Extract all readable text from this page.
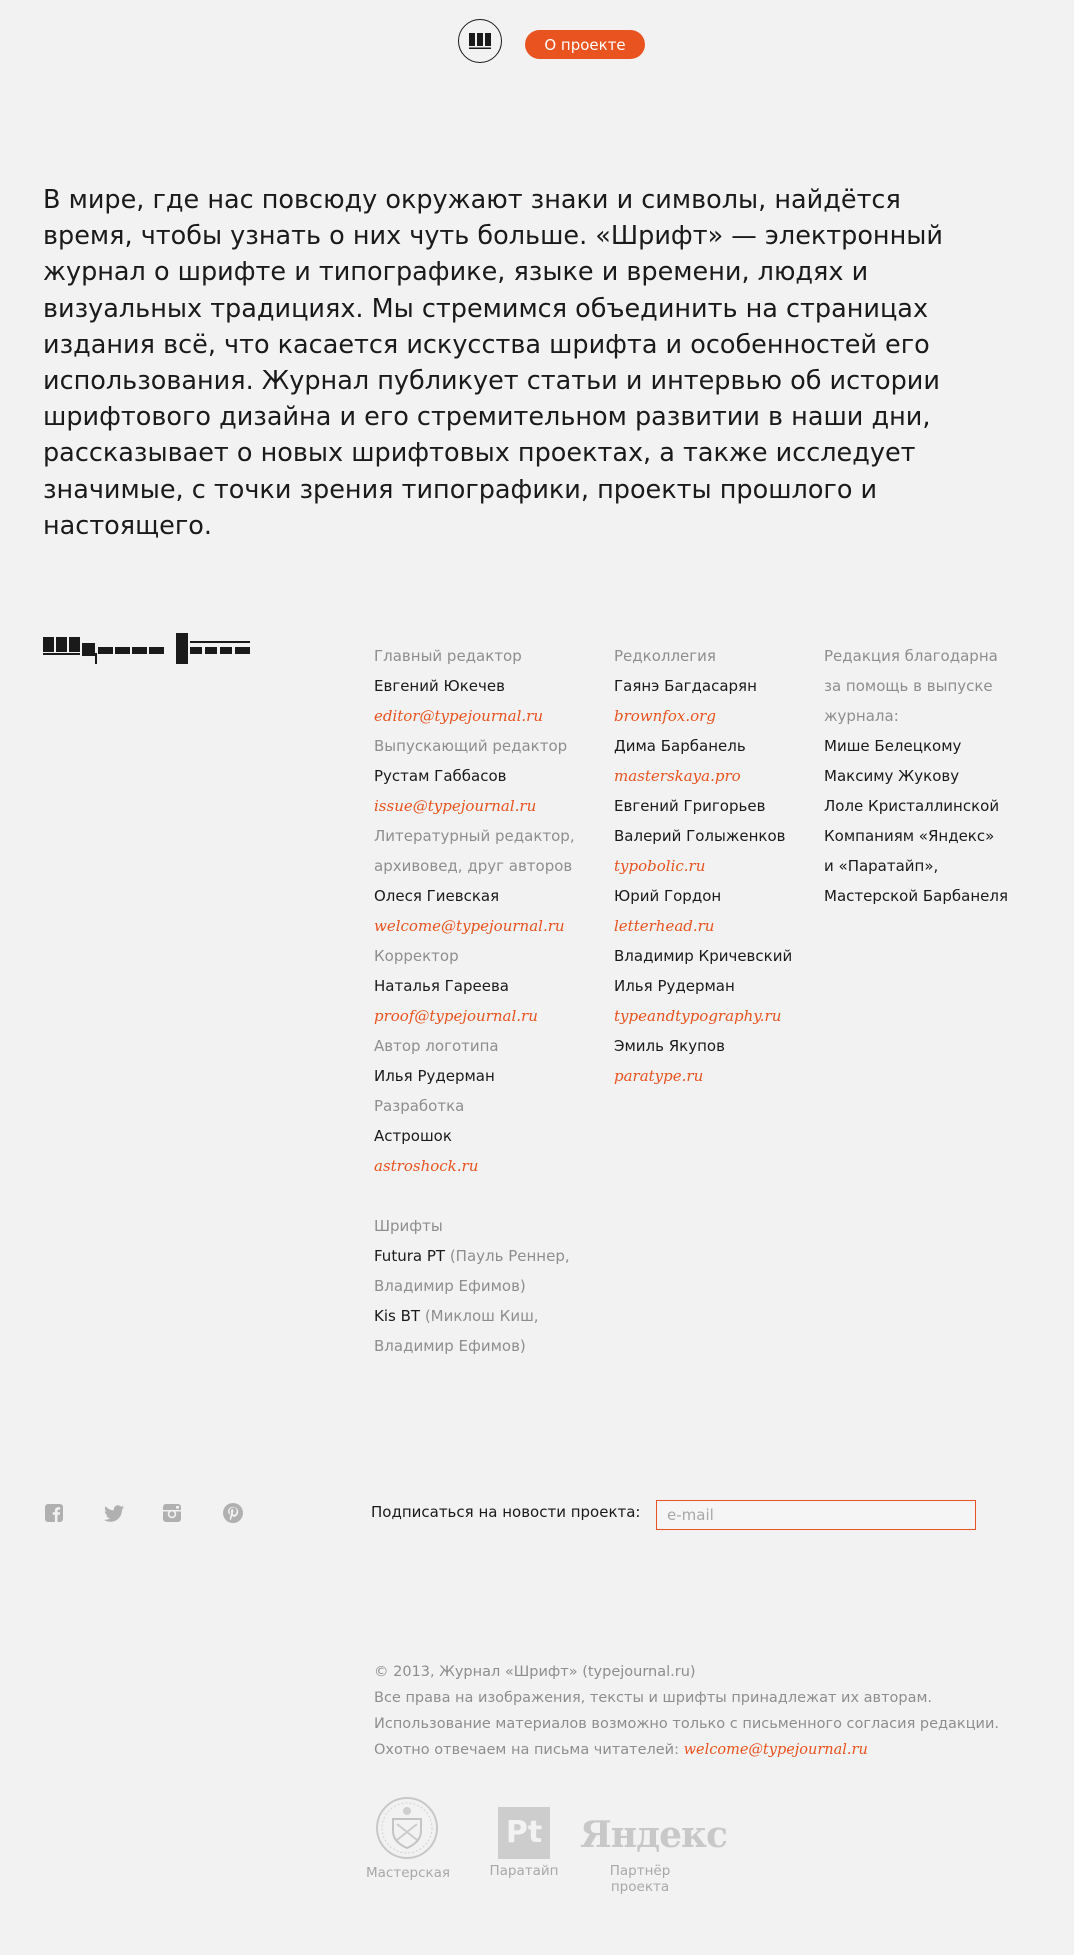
О проекте

В мире, где нас повсюду окружают знаки и символы, найдётся время, чтобы узнать о них чуть больше. «Шрифт» — электронный журнал о шрифте и типографике, языке и времени, людях и визуальных традициях. Мы стремимся объединить на страницах издания всё, что касается искусства шрифта и особенностей его использования. Журнал публикует статьи и интервью об истории шрифтового дизайна и его стремительном развитии в наши дни, рассказывает о новых шрифтовых проектах, а также исследует значимые, с точки зрения типографики, проекты прошлого и настоящего.

Главный редактор
Евгений Юкечев
editor@typejournal.ru
Выпускающий редактор
Рустам Габбасов
issue@typejournal.ru
Литературный редактор,
архивовед, друг авторов
Олеся Гиевская
welcome@typejournal.ru
Корректор
Наталья Гареева
proof@typejournal.ru
Автор логотипа
Илья Рудерман
Разработка
Астрошок
astroshock.ru
Шрифты
Futura PT (Пауль Реннер,
Владимир Ефимов)
Kis BT (Миклош Киш,
Владимир Ефимов)
Редколлегия
Гаянэ Багдасарян
brownfox.org
Дима Барбанель
masterskaya.pro
Евгений Григорьев
Валерий Голыженков
typobolic.ru
Юрий Гордон
letterhead.ru
Владимир Кричевский
Илья Рудерман
typeandtypography.ru
Эмиль Якупов
paratype.ru
Редакция благодарна
за помощь в выпуске
журнала:
Мише Белецкому
Максиму Жукову
Лоле Кристаллинской
Компаниям «Яндекс»
и «Паратайп»,
Мастерской Барбанеля
Подписаться на новости проекта:
e-mail
© 2013, Журнал «Шрифт» (typejournal.ru)
Все права на изображения, тексты и шрифты принадлежат их авторам.
Использование материалов возможно только с письменного согласия редакции.
Охотно отвечаем на письма читателей: welcome@typejournal.ru
Мастерская
Pt
Паратайп
Яндекс
Партнёр проекта
